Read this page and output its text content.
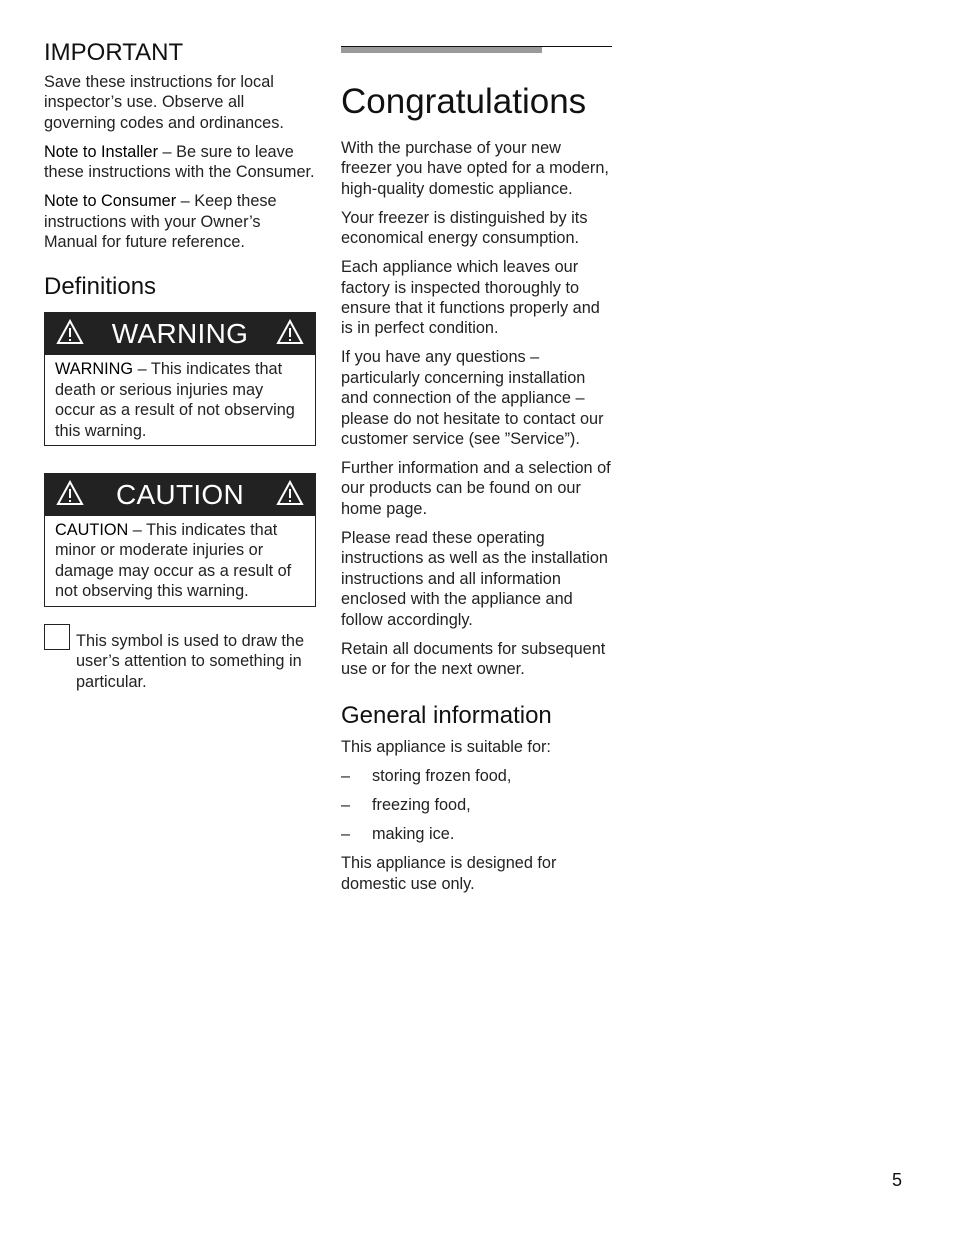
IMPORTANT

Save these instructions for local inspector’s use. Observe all governing codes and ordinances.

Note to Installer – Be sure to leave these instructions with the Consumer.

Note to Consumer – Keep these instructions with your Owner’s Manual for future reference.

Definitions
WARNING

WARNING – This indicates that death or serious injuries may occur as a result of not observing this warning.

CAUTION

CAUTION – This indicates that minor or moderate injuries or damage may occur as a result of not observing this warning.

This symbol is used to draw the user’s attention to something in particular.

Congratulations

With the purchase of your new freezer you have opted for a modern, high-quality domestic appliance.

Your freezer is distinguished by its economical energy consumption.

Each appliance which leaves our factory is inspected thoroughly to ensure that it functions properly and is in perfect condition.

If you have any questions – particularly concerning installation and connection of the appliance – please do not hesitate to contact our customer service (see ”Service”).

Further information and a selection of our products can be found on our home page.

Please read these operating instructions as well as the installation instructions and all information enclosed with the appliance and follow accordingly.

Retain all documents for subsequent use or for the next owner.

General information

This appliance is suitable for:

–	storing frozen food,

–	freezing food,

–	making ice.

This appliance is designed for domestic use only.

5
